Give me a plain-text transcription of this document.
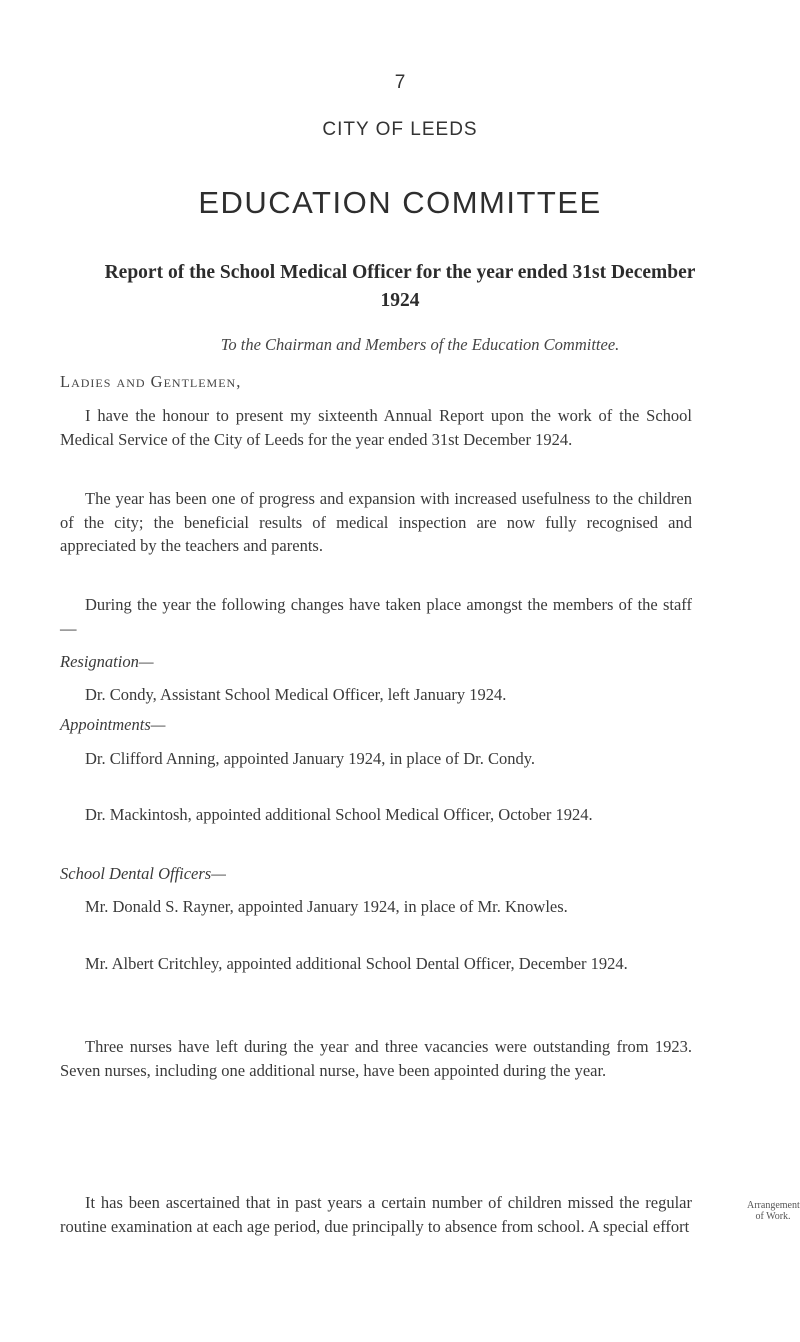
7
CITY OF LEEDS
EDUCATION COMMITTEE
Report of the School Medical Officer for the year ended 31st December 1924
To the Chairman and Members of the Education Committee.
Ladies and Gentlemen,

I have the honour to present my sixteenth Annual Report upon the work of the School Medical Service of the City of Leeds for the year ended 31st December 1924.

The year has been one of progress and expansion with increased usefulness to the children of the city; the beneficial results of medical inspection are now fully recognised and appreciated by the teachers and parents.

During the year the following changes have taken place amongst the members of the staff—

Resignation—

Dr. Condy, Assistant School Medical Officer, left January 1924.

Appointments—

Dr. Clifford Anning, appointed January 1924, in place of Dr. Condy.

Dr. Mackintosh, appointed additional School Medical Officer, October 1924.

School Dental Officers—

Mr. Donald S. Rayner, appointed January 1924, in place of Mr. Knowles.

Mr. Albert Critchley, appointed additional School Dental Officer, December 1924.

Three nurses have left during the year and three vacancies were outstanding from 1923. Seven nurses, including one additional nurse, have been appointed during the year.

It has been ascertained that in past years a certain number of children missed the regular routine examination at each age period, due principally to absence from school. A special effort

Arrangement of Work.
